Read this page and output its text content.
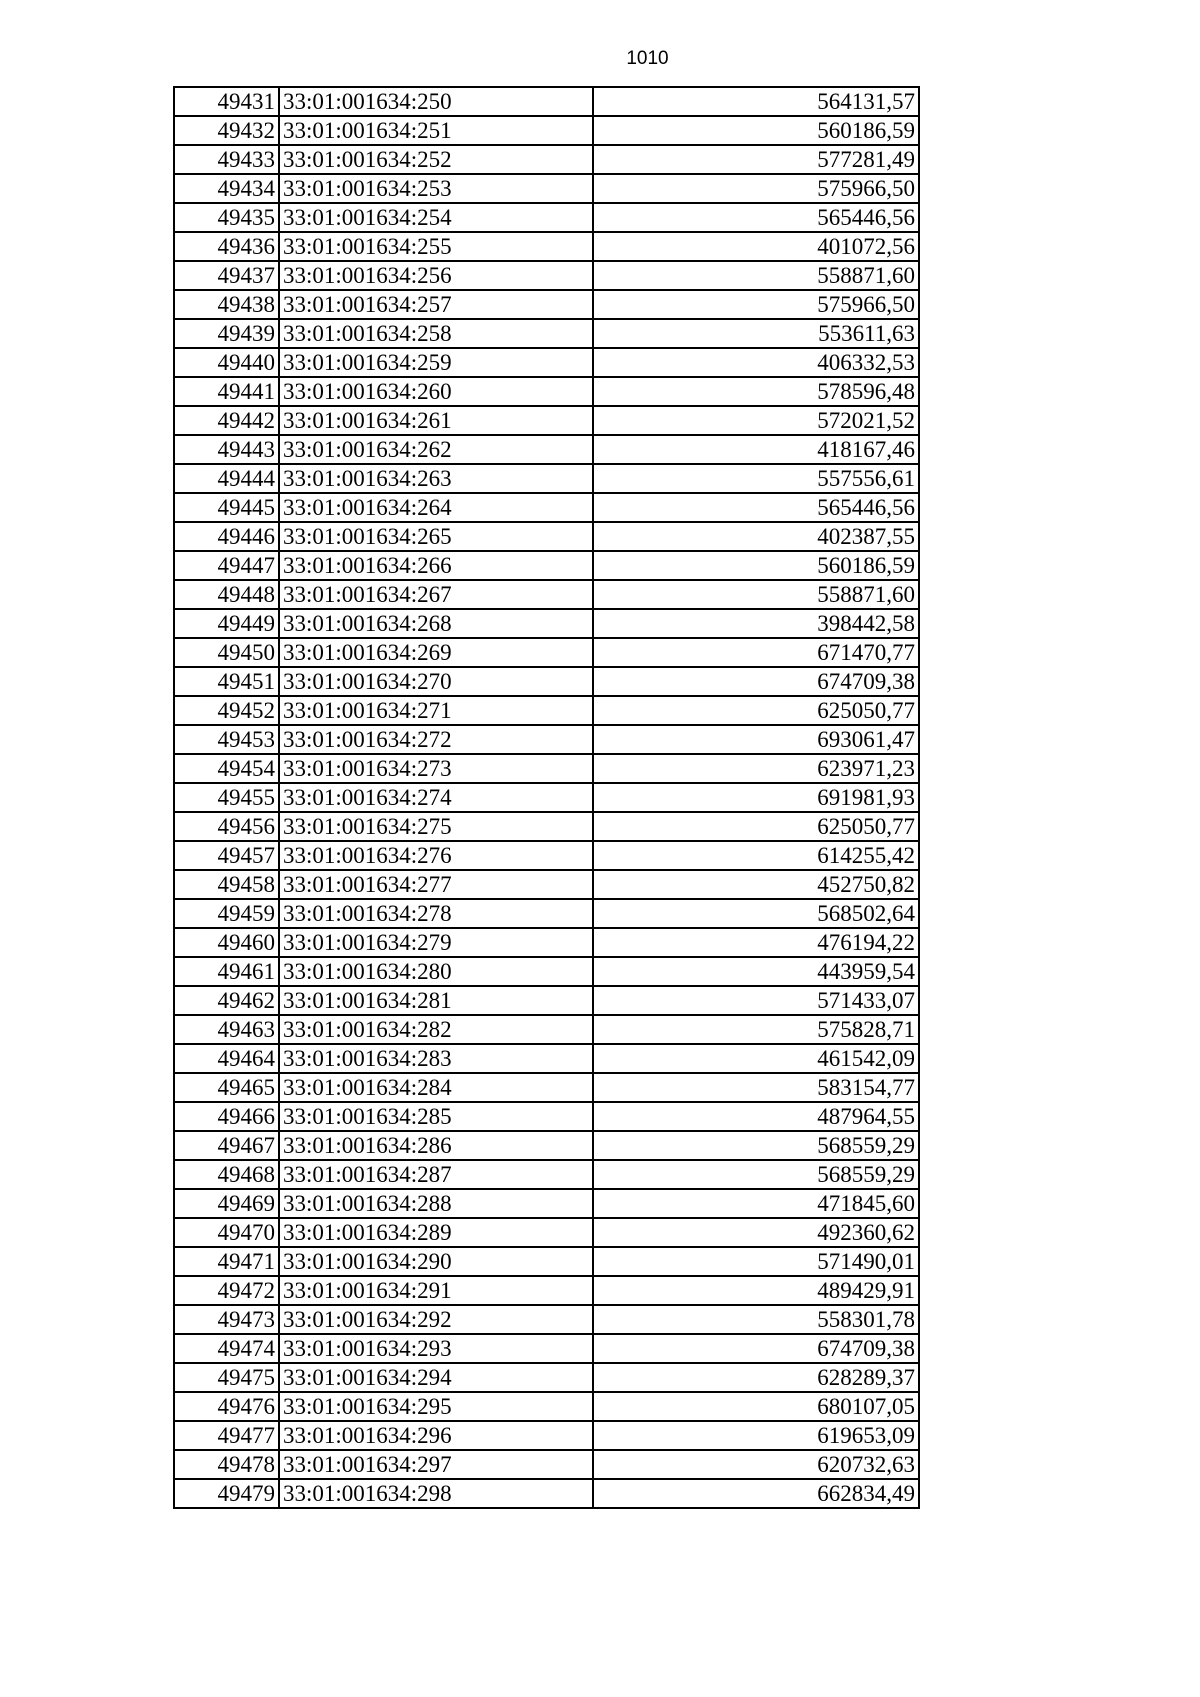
1010
49431	33:01:001634:250	564131,57
49432	33:01:001634:251	560186,59
49433	33:01:001634:252	577281,49
49434	33:01:001634:253	575966,50
49435	33:01:001634:254	565446,56
49436	33:01:001634:255	401072,56
49437	33:01:001634:256	558871,60
49438	33:01:001634:257	575966,50
49439	33:01:001634:258	553611,63
49440	33:01:001634:259	406332,53
49441	33:01:001634:260	578596,48
49442	33:01:001634:261	572021,52
49443	33:01:001634:262	418167,46
49444	33:01:001634:263	557556,61
49445	33:01:001634:264	565446,56
49446	33:01:001634:265	402387,55
49447	33:01:001634:266	560186,59
49448	33:01:001634:267	558871,60
49449	33:01:001634:268	398442,58
49450	33:01:001634:269	671470,77
49451	33:01:001634:270	674709,38
49452	33:01:001634:271	625050,77
49453	33:01:001634:272	693061,47
49454	33:01:001634:273	623971,23
49455	33:01:001634:274	691981,93
49456	33:01:001634:275	625050,77
49457	33:01:001634:276	614255,42
49458	33:01:001634:277	452750,82
49459	33:01:001634:278	568502,64
49460	33:01:001634:279	476194,22
49461	33:01:001634:280	443959,54
49462	33:01:001634:281	571433,07
49463	33:01:001634:282	575828,71
49464	33:01:001634:283	461542,09
49465	33:01:001634:284	583154,77
49466	33:01:001634:285	487964,55
49467	33:01:001634:286	568559,29
49468	33:01:001634:287	568559,29
49469	33:01:001634:288	471845,60
49470	33:01:001634:289	492360,62
49471	33:01:001634:290	571490,01
49472	33:01:001634:291	489429,91
49473	33:01:001634:292	558301,78
49474	33:01:001634:293	674709,38
49475	33:01:001634:294	628289,37
49476	33:01:001634:295	680107,05
49477	33:01:001634:296	619653,09
49478	33:01:001634:297	620732,63
49479	33:01:001634:298	662834,49
